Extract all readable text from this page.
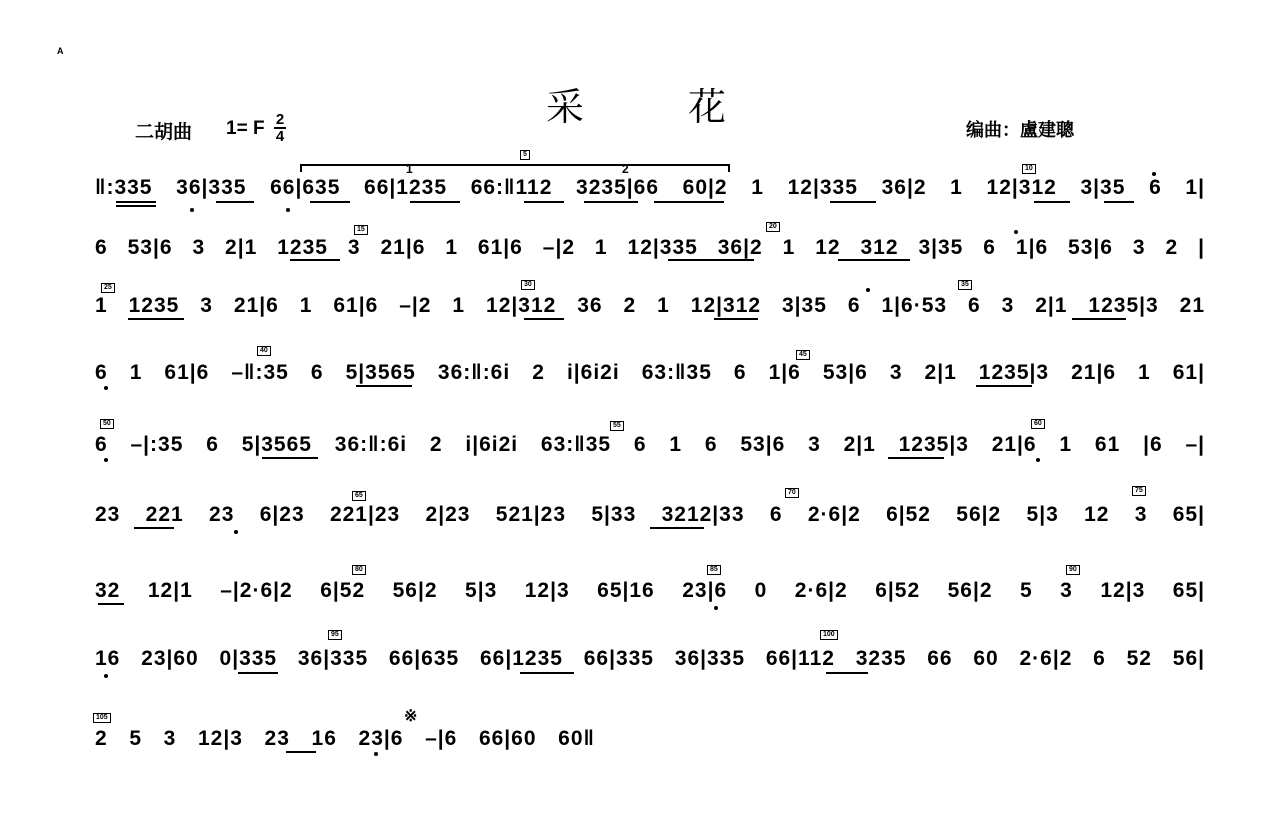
A
采 花
二胡曲 1= F 2
4	编曲：盧建聰
1	2
5
10
15	20
25	30	35
40
45
50	55	60
65	70	75
80	85	90
95	100
105	※
‖:335 36|335 66|635 66|1235 66:‖112 3235|66 60|2 1 12|335 36|2 1 12|312 3|35 6 1|
6 53|6 3 2|1 1235 3 21|6 1 61|6 –|2 1 12|335 36|2 1 12 312 3|35 6 1|6 53|6 3 2 |
1 1235 3 21|6 1 61|6 –|2 1 12|312 36 2 1 12|312 3|35 6 1|6·53 6 3 2|1 1235|3 21
6 1 61|6 –‖:35 6 5|3565 36:‖:6i 2 i|6i2i 63:‖35 6 1|6 53|6 3 2|1 1235|3 21|6 1 61|
6 –|:35 6 5|3565 36:‖:6i 2 i|6i2i 63:‖35 6 1 6 53|6 3 2|1 1235|3 21|6 1 61 |6 –|
23 221 23 6|23 221|23 2|23 521|23 5|33 3212|33 6 2·6|2 6|52 56|2 5|3 12 3 65|
32 12|1 –|2·6|2 6|52 56|2 5|3 12|3 65|16 23|6 0 2·6|2 6|52 56|2 5 3 12|3 65|
16 23|60 0|335 36|335 66|635 66|1235 66|335 36|335 66|112 3235 66 60 2·6|2 6 52 56|
2 5 3 12|3 23 16 23|6 –|6 66|60 60‖
